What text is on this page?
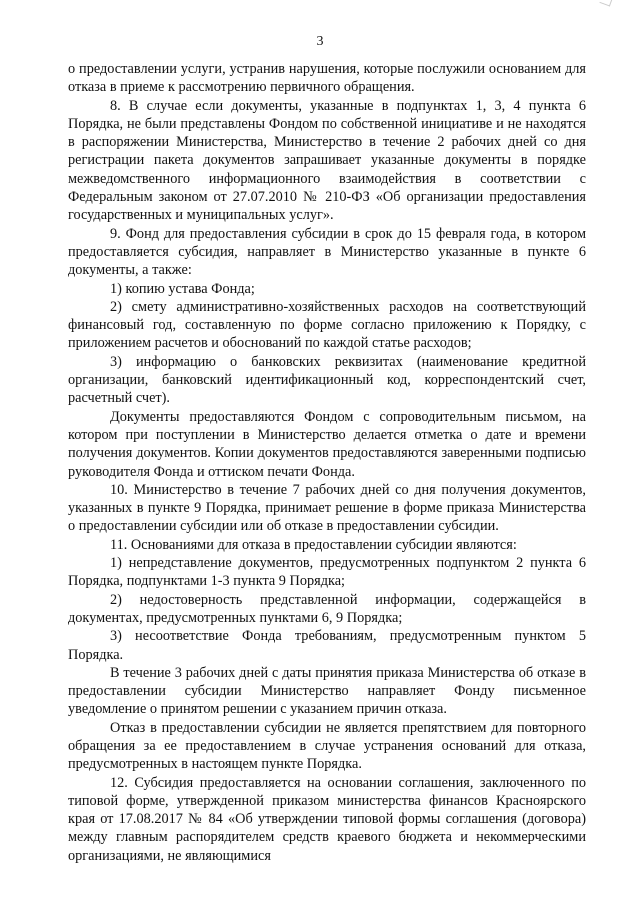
3

о предоставлении услуги, устранив нарушения, которые послужили основанием для отказа в приеме к рассмотрению первичного обращения.

8. В случае если документы, указанные в подпунктах 1, 3, 4 пункта 6 Порядка, не были представлены Фондом по собственной инициативе и не находятся в распоряжении Министерства, Министерство в течение 2 рабочих дней со дня регистрации пакета документов запрашивает указанные документы в порядке межведомственного информационного взаимодействия в соответствии с Федеральным законом от 27.07.2010 № 210-ФЗ «Об организации предоставления государственных и муниципальных услуг».

9. Фонд для предоставления субсидии в срок до 15 февраля года, в котором предоставляется субсидия, направляет в Министерство указанные в пункте 6 документы, а также:

1) копию устава Фонда;

2) смету административно-хозяйственных расходов на соответствующий финансовый год, составленную по форме согласно приложению к Порядку, с приложением расчетов и обоснований по каждой статье расходов;

3) информацию о банковских реквизитах (наименование кредитной организации, банковский идентификационный код, корреспондентский счет, расчетный счет).

Документы предоставляются Фондом с сопроводительным письмом, на котором при поступлении в Министерство делается отметка о дате и времени получения документов. Копии документов предоставляются заверенными подписью руководителя Фонда и оттиском печати Фонда.

10. Министерство в течение 7 рабочих дней со дня получения документов, указанных в пункте 9 Порядка, принимает решение в форме приказа Министерства о предоставлении субсидии или об отказе в предоставлении субсидии.

11. Основаниями для отказа в предоставлении субсидии являются:

1) непредставление документов, предусмотренных подпунктом 2 пункта 6 Порядка, подпунктами 1-3 пункта 9 Порядка;

2) недостоверность представленной информации, содержащейся в документах, предусмотренных пунктами 6, 9 Порядка;

3) несоответствие Фонда требованиям, предусмотренным пунктом 5 Порядка.

В течение 3 рабочих дней с даты принятия приказа Министерства об отказе в предоставлении субсидии Министерство направляет Фонду письменное уведомление о принятом решении с указанием причин отказа.

Отказ в предоставлении субсидии не является препятствием для повторного обращения за ее предоставлением в случае устранения оснований для отказа, предусмотренных в настоящем пункте Порядка.

12. Субсидия предоставляется на основании соглашения, заключенного по типовой форме, утвержденной приказом министерства финансов Красноярского края от 17.08.2017 № 84 «Об утверждении типовой формы соглашения (договора) между главным распорядителем средств краевого бюджета и некоммерческими организациями, не являющимися
